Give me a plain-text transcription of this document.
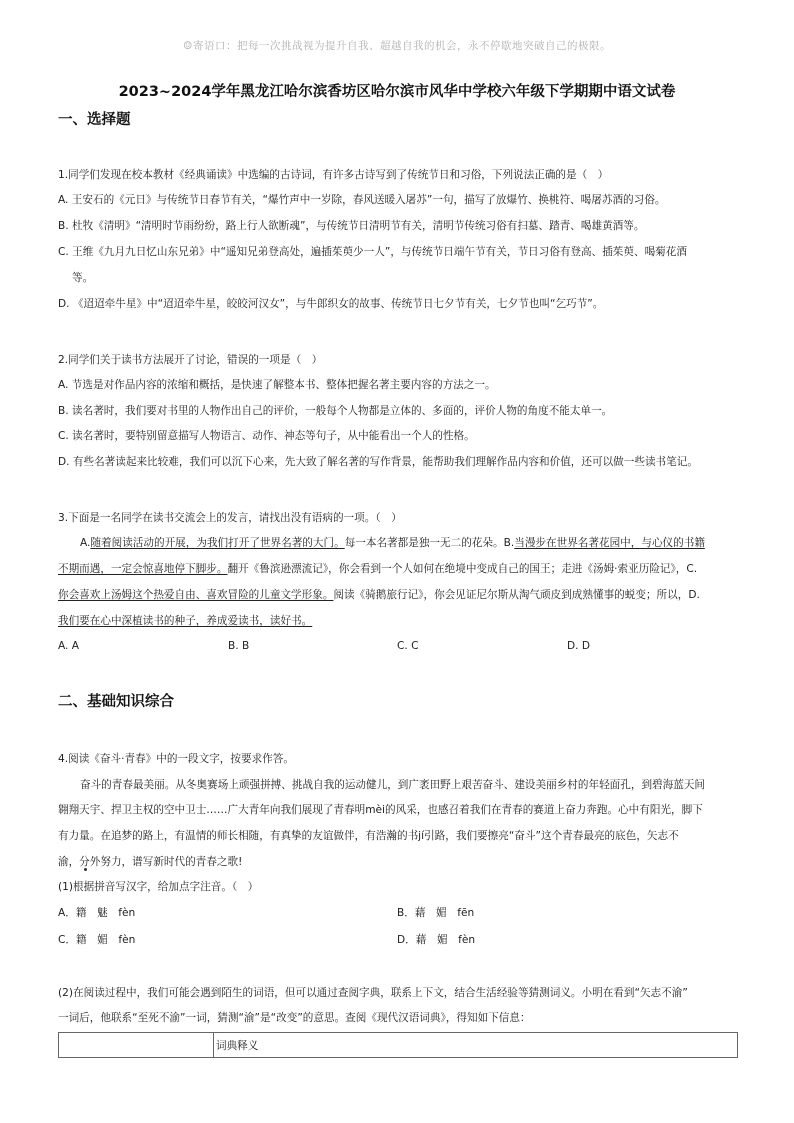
☺寄语口：把每一次挑战视为提升自我、超越自我的机会，永不停歇地突破自己的极限。
2023~2024学年黑龙江哈尔滨香坊区哈尔滨市风华中学校六年级下学期期中语文试卷
一、选择题
1.同学们发现在校本教材《经典诵读》中选编的古诗词，有许多古诗写到了传统节日和习俗，下列说法正确的是（　）
A. 王安石的《元日》与传统节日春节有关，“爆竹声中一岁除，春风送暖入屠苏”一句，描写了放爆竹、换桃符、喝屠苏酒的习俗。
B. 杜牧《清明》“清明时节雨纷纷，路上行人欲断魂”，与传统节日清明节有关，清明节传统习俗有扫墓、踏青、喝雄黄酒等。
C. 王维《九月九日忆山东兄弟》中“遥知兄弟登高处，遍插茱萸少一人”，与传统节日端午节有关，节日习俗有登高、插茱萸、喝菊花酒
等。
D. 《迢迢牵牛星》中“迢迢牵牛星，皎皎河汉女”，与牛郎织女的故事、传统节日七夕节有关，七夕节也叫“乞巧节”。
2.同学们关于读书方法展开了讨论，错误的一项是（　）
A. 节选是对作品内容的浓缩和概括，是快速了解整本书、整体把握名著主要内容的方法之一。
B. 读名著时，我们要对书里的人物作出自己的评价，一般每个人物都是立体的、多面的，评价人物的角度不能太单一。
C. 读名著时，要特别留意描写人物语言、动作、神态等句子，从中能看出一个人的性格。
D. 有些名著读起来比较难，我们可以沉下心来，先大致了解名著的写作背景，能帮助我们理解作品内容和价值，还可以做一些读书笔记。
3.下面是一名同学在读书交流会上的发言，请找出没有语病的一项。（　）
A.随着阅读活动的开展，为我们打开了世界名著的大门。每一本名著都是独一无二的花朵。B.当漫步在世界名著花园中，与心仪的书籍
不期而遇，一定会惊喜地停下脚步。翻开《鲁滨逊漂流记》，你会看到一个人如何在绝境中变成自己的国王；走进《汤姆·索亚历险记》，C.
你会喜欢上汤姆这个热爱自由、喜欢冒险的儿童文学形象。阅读《骑鹅旅行记》，你会见证尼尔斯从淘气顽皮到成熟懂事的蜕变；所以，D.
我们要在心中深植读书的种子，养成爱读书，读好书。
A. A	B. B	C. C	D. D
二、基础知识综合
4.阅读《奋斗·青春》中的一段文字，按要求作答。
奋斗的青春最美丽。从冬奥赛场上顽强拼搏、挑战自我的运动健儿，到广袤田野上艰苦奋斗、建设美丽乡村的年轻面孔，到碧海蓝天间
翱翔天宇、捍卫主权的空中卫士……广大青年向我们展现了青春明mèi的风采，也感召着我们在青春的赛道上奋力奔跑。心中有阳光，脚下
有力量。在追梦的路上，有温情的师长相随，有真挚的友谊做伴，有浩瀚的书jí引路，我们要擦亮“奋斗”这个青春最亮的底色，矢志不
渝，分外努力，谱写新时代的青春之歌!
(1)根据拼音写汉字，给加点字注音。（　）
A．籍　魅　fèn	B．藉　媚　fēn
C．籍　媚　fèn	D．藉　媚　fèn
(2)在阅读过程中，我们可能会遇到陌生的词语，但可以通过查阅字典，联系上下文，结合生活经验等猜测词义。小明在看到“矢志不渝”
一词后，他联系“至死不渝”一词，猜测“渝”是“改变”的意思。查阅《现代汉语词典》，得知如下信息：
	词典释义
